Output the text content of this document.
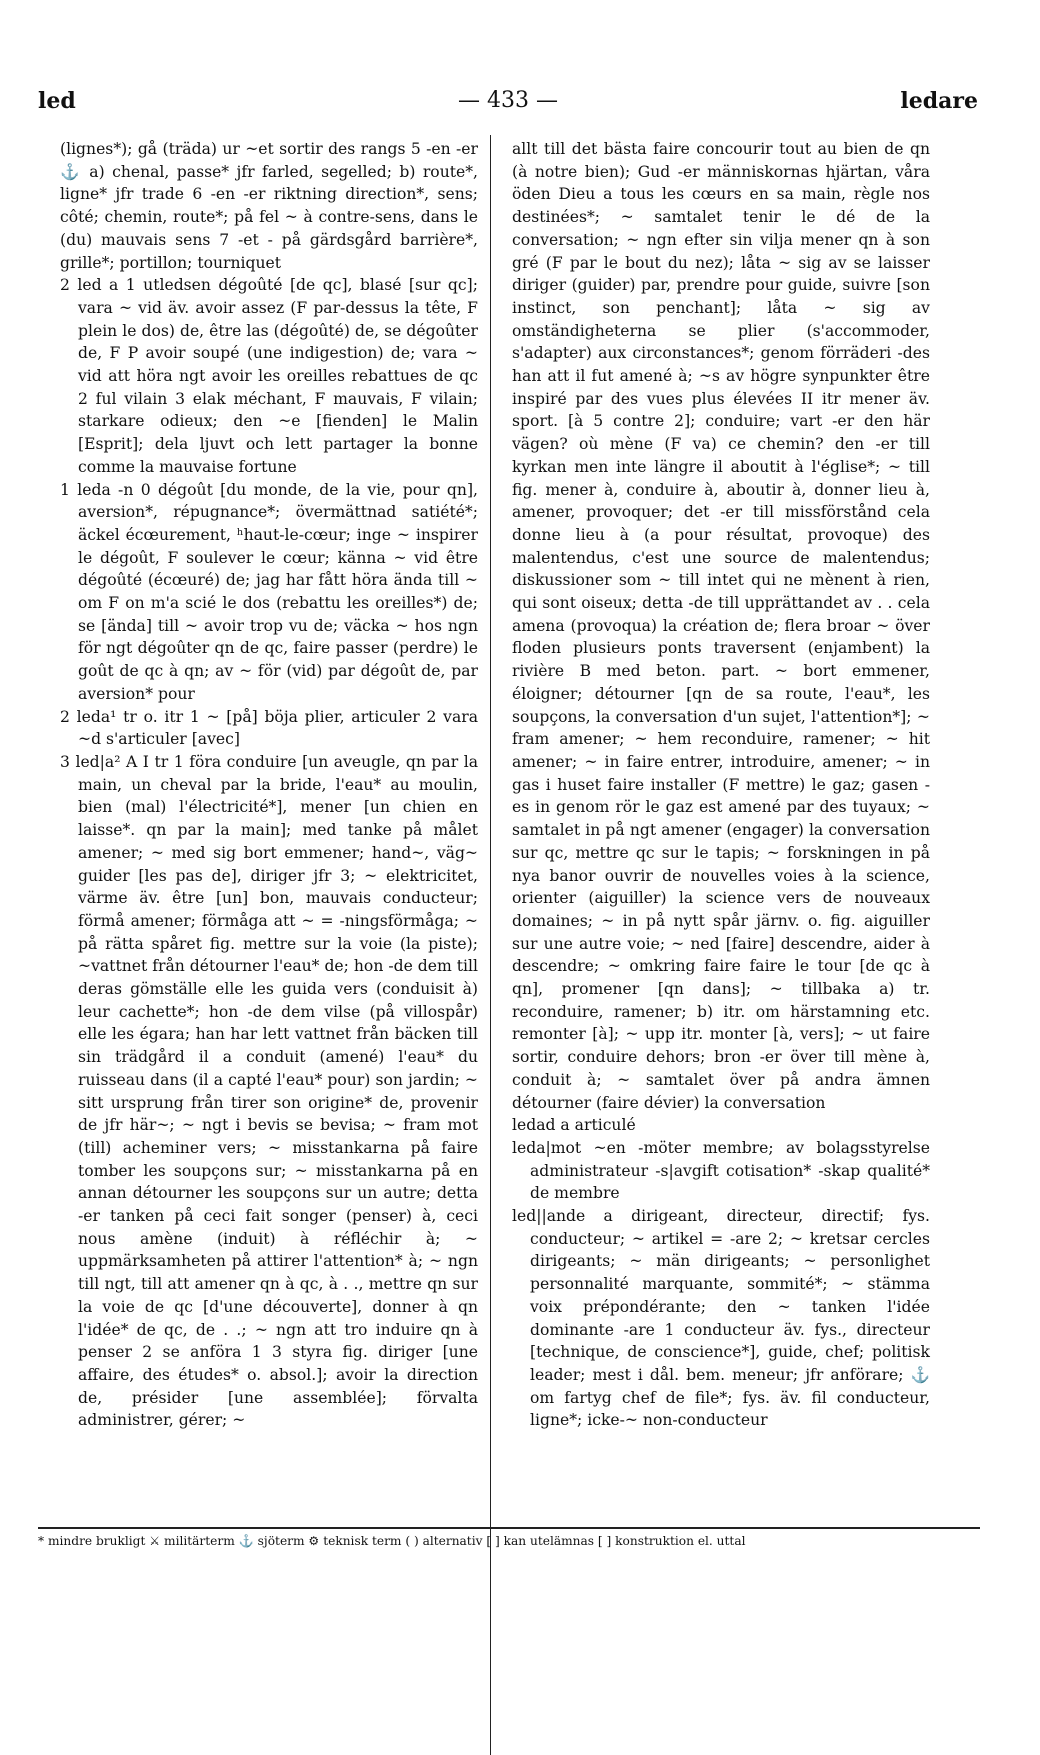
led	— 433 —	ledare

(lignes*); gå (träda) ur ~et sortir des rangs 5 -en -er ⚓ a) chenal, passe* jfr farled, segelled; b) route*, ligne* jfr trade 6 -en -er riktning direction*, sens; côté; chemin, route*; på fel ~ à contre-sens, dans le (du) mauvais sens 7 -et - på gärdsgård barrière*, grille*; portillon; tourniquet

2 led a 1 utledsen dégoûté [de qc], blasé [sur qc]; vara ~ vid äv. avoir assez (F par-dessus la tête, F plein le dos) de, être las (dégoûté) de, se dégoûter de, F P avoir soupé (une indigestion) de; vara ~ vid att höra ngt avoir les oreilles rebattues de qc 2 ful vilain 3 elak méchant, F mauvais, F vilain; starkare odieux; den ~e [fienden] le Malin [Esprit]; dela ljuvt och lett partager la bonne comme la mauvaise fortune

1 leda -n 0 dégoût [du monde, de la vie, pour qn], aversion*, répugnance*; övermättnad satiété*; äckel écœurement, ʰhaut-le-cœur; inge ~ inspirer le dégoût, F soulever le cœur; känna ~ vid être dégoûté (écœuré) de; jag har fått höra ända till ~ om F on m'a scié le dos (rebattu les oreilles*) de; se [ända] till ~ avoir trop vu de; väcka ~ hos ngn för ngt dégoûter qn de qc, faire passer (perdre) le goût de qc à qn; av ~ för (vid) par dégoût de, par aversion* pour

2 leda¹ tr o. itr 1 ~ [på] böja plier, articuler 2 vara ~d s'articuler [avec]

3 led|a² A I tr 1 föra conduire [un aveugle, qn par la main, un cheval par la bride, l'eau* au moulin, bien (mal) l'électricité*], mener [un chien en laisse*. qn par la main]; med tanke på målet amener; ~ med sig bort emmener; hand~, väg~ guider [les pas de], diriger jfr 3; ~ elektricitet, värme äv. être [un] bon, mauvais conducteur; förmå amener; förmåga att ~ = -ningsförmåga; ~ på rätta spåret fig. mettre sur la voie (la piste); ~vattnet från détourner l'eau* de; hon -de dem till deras gömställe elle les guida vers (conduisit à) leur cachette*; hon -de dem vilse (på villospår) elle les égara; han har lett vattnet från bäcken till sin trädgård il a conduit (amené) l'eau* du ruisseau dans (il a capté l'eau* pour) son jardin; ~ sitt ursprung från tirer son origine* de, provenir de jfr här~; ~ ngt i bevis se bevisa; ~ fram mot (till) acheminer vers; ~ misstankarna på faire tomber les soupçons sur; ~ misstankarna på en annan détourner les soupçons sur un autre; detta -er tanken på ceci fait songer (penser) à, ceci nous amène (induit) à réfléchir à; ~ uppmärksamheten på attirer l'attention* à; ~ ngn till ngt, till att amener qn à qc, à . ., mettre qn sur la voie de qc [d'une découverte], donner à qn l'idée* de qc, de . .; ~ ngn att tro induire qn à penser 2 se anföra 1 3 styra fig. diriger [une affaire, des études* o. absol.]; avoir la direction de, présider [une assemblée]; förvalta administrer, gérer; ~

allt till det bästa faire concourir tout au bien de qn (à notre bien); Gud -er människornas hjärtan, våra öden Dieu a tous les cœurs en sa main, règle nos destinées*; ~ samtalet tenir le dé de la conversation; ~ ngn efter sin vilja mener qn à son gré (F par le bout du nez); låta ~ sig av se laisser diriger (guider) par, prendre pour guide, suivre [son instinct, son penchant]; låta ~ sig av omständigheterna se plier (s'accommoder, s'adapter) aux circonstances*; genom förräderi -des han att il fut amené à; ~s av högre synpunkter être inspiré par des vues plus élevées II itr mener äv. sport. [à 5 contre 2]; conduire; vart -er den här vägen? où mène (F va) ce chemin? den -er till kyrkan men inte längre il aboutit à l'église*; ~ till fig. mener à, conduire à, aboutir à, donner lieu à, amener, provoquer; det -er till missförstånd cela donne lieu à (a pour résultat, provoque) des malentendus, c'est une source de malentendus; diskussioner som ~ till intet qui ne mènent à rien, qui sont oiseux; detta -de till upprättandet av . . cela amena (provoqua) la création de; flera broar ~ över floden plusieurs ponts traversent (enjambent) la rivière B med beton. part. ~ bort emmener, éloigner; détourner [qn de sa route, l'eau*, les soupçons, la conversation d'un sujet, l'attention*]; ~ fram amener; ~ hem reconduire, ramener; ~ hit amener; ~ in faire entrer, introduire, amener; ~ in gas i huset faire installer (F mettre) le gaz; gasen -es in genom rör le gaz est amené par des tuyaux; ~ samtalet in på ngt amener (engager) la conversation sur qc, mettre qc sur le tapis; ~ forskningen in på nya banor ouvrir de nouvelles voies à la science, orienter (aiguiller) la science vers de nouveaux domaines; ~ in på nytt spår järnv. o. fig. aiguiller sur une autre voie; ~ ned [faire] descendre, aider à descendre; ~ omkring faire faire le tour [de qc à qn], promener [qn dans]; ~ tillbaka a) tr. reconduire, ramener; b) itr. om härstamning etc. remonter [à]; ~ upp itr. monter [à, vers]; ~ ut faire sortir, conduire dehors; bron -er över till mène à, conduit à; ~ samtalet över på andra ämnen détourner (faire dévier) la conversation

ledad a articulé

leda|mot ~en -möter membre; av bolagsstyrelse administrateur -s|avgift cotisation* -skap qualité* de membre

led||ande a dirigeant, directeur, directif; fys. conducteur; ~ artikel = -are 2; ~ kretsar cercles dirigeants; ~ män dirigeants; ~ personlighet personnalité marquante, sommité*; ~ stämma voix prépondérante; den ~ tanken l'idée dominante -are 1 conducteur äv. fys., directeur [technique, de conscience*], guide, chef; politisk leader; mest i dål. bem. meneur; jfr anförare; ⚓ om fartyg chef de file*; fys. äv. fil conducteur, ligne*; icke-~ non-conducteur

* mindre brukligt ⚔ militärterm ⚓ sjöterm ⚙ teknisk term ( ) alternativ [ ] kan utelämnas [ ] konstruktion el. uttal
